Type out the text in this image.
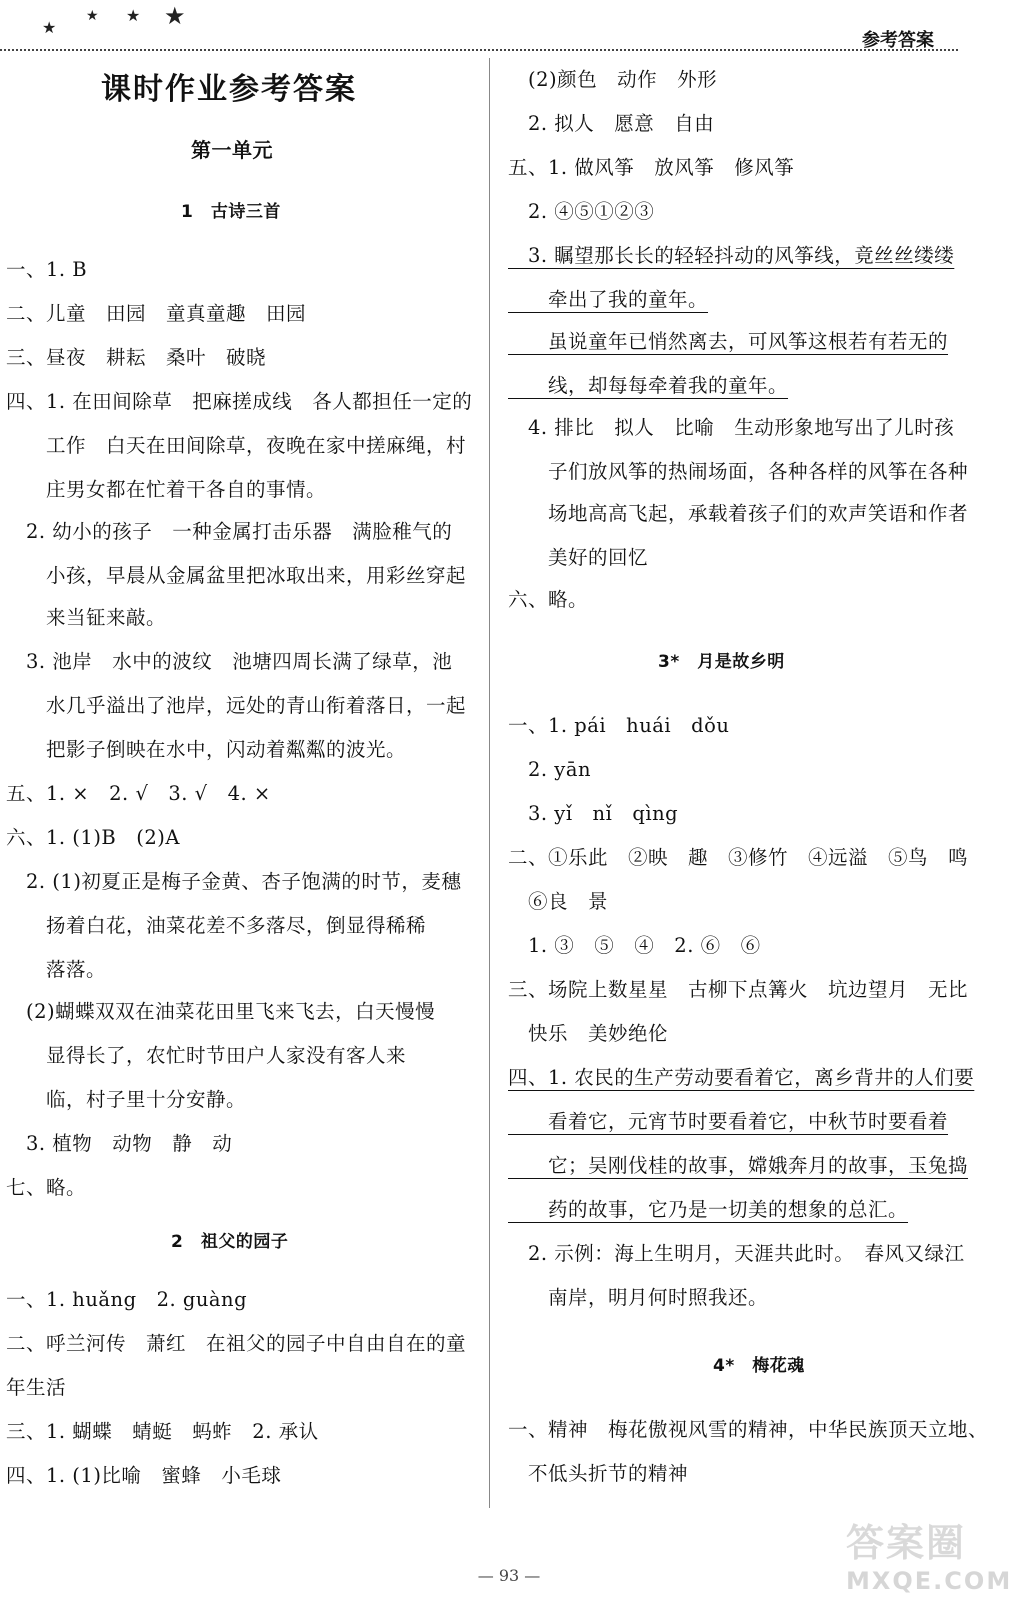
★
★ ★ ★
参考答案
课时作业参考答案
第一单元
1　古诗三首
一、1. B
二、儿童　田园　童真童趣　田园
三、昼夜　耕耘　桑叶　破晓
四、1. 在田间除草　把麻搓成线　各人都担任一定的
　　工作　白天在田间除草，夜晚在家中搓麻绳，村
　　庄男女都在忙着干各自的事情。
　2. 幼小的孩子　一种金属打击乐器　满脸稚气的
　　小孩，早晨从金属盆里把冰取出来，用彩丝穿起
　　来当钲来敲。
　3. 池岸　水中的波纹　池塘四周长满了绿草，池
　　水几乎溢出了池岸，远处的青山衔着落日，一起
　　把影子倒映在水中，闪动着粼粼的波光。
五、1. ×　2. √　3. √　4. ×
六、1. (1)B　(2)A
　2. (1)初夏正是梅子金黄、杏子饱满的时节，麦穗
　　扬着白花，油菜花差不多落尽，倒显得稀稀
　　落落。
　(2)蝴蝶双双在油菜花田里飞来飞去，白天慢慢
　　显得长了，农忙时节田户人家没有客人来
　　临，村子里十分安静。
　3. 植物　动物　静　动
七、略。
2　祖父的园子
一、1. huǎng　2. guàng
二、呼兰河传　萧红　在祖父的园子中自由自在的童
年生活
三、1. 蝴蝶　蜻蜓　蚂蚱　2. 承认
四、1. (1)比喻　蜜蜂　小毛球
　(2)颜色　动作　外形
　2. 拟人　愿意　自由
五、1. 做风筝　放风筝　修风筝
　2. ④⑤①②③
　3. 瞩望那长长的轻轻抖动的风筝线，竟丝丝缕缕
　　牵出了我的童年。
　　虽说童年已悄然离去，可风筝这根若有若无的
　　线，却每每牵着我的童年。
　4. 排比　拟人　比喻　生动形象地写出了儿时孩
　　子们放风筝的热闹场面，各种各样的风筝在各种
　　场地高高飞起，承载着孩子们的欢声笑语和作者
　　美好的回忆
六、略。
3*　月是故乡明
一、1. pái　huái　dǒu
　2. yān
　3. yǐ　nǐ　qìng
二、①乐此　②映　趣　③修竹　④远溢　⑤鸟　鸣
　⑥良　景
　1. ③　⑤　④　2. ⑥　⑥
三、场院上数星星　古柳下点篝火　坑边望月　无比
　快乐　美妙绝伦
四、1. 农民的生产劳动要看着它，离乡背井的人们要
　　看着它，元宵节时要看着它，中秋节时要看着
　　它；吴刚伐桂的故事，嫦娥奔月的故事，玉兔捣
　　药的故事，它乃是一切美的想象的总汇。
　2. 示例：海上生明月，天涯共此时。　春风又绿江
　　南岸，明月何时照我还。
4*　梅花魂
一、精神　梅花傲视风雪的精神，中华民族顶天立地、
　不低头折节的精神
— 93 —
答案圈
MXQE.COM
